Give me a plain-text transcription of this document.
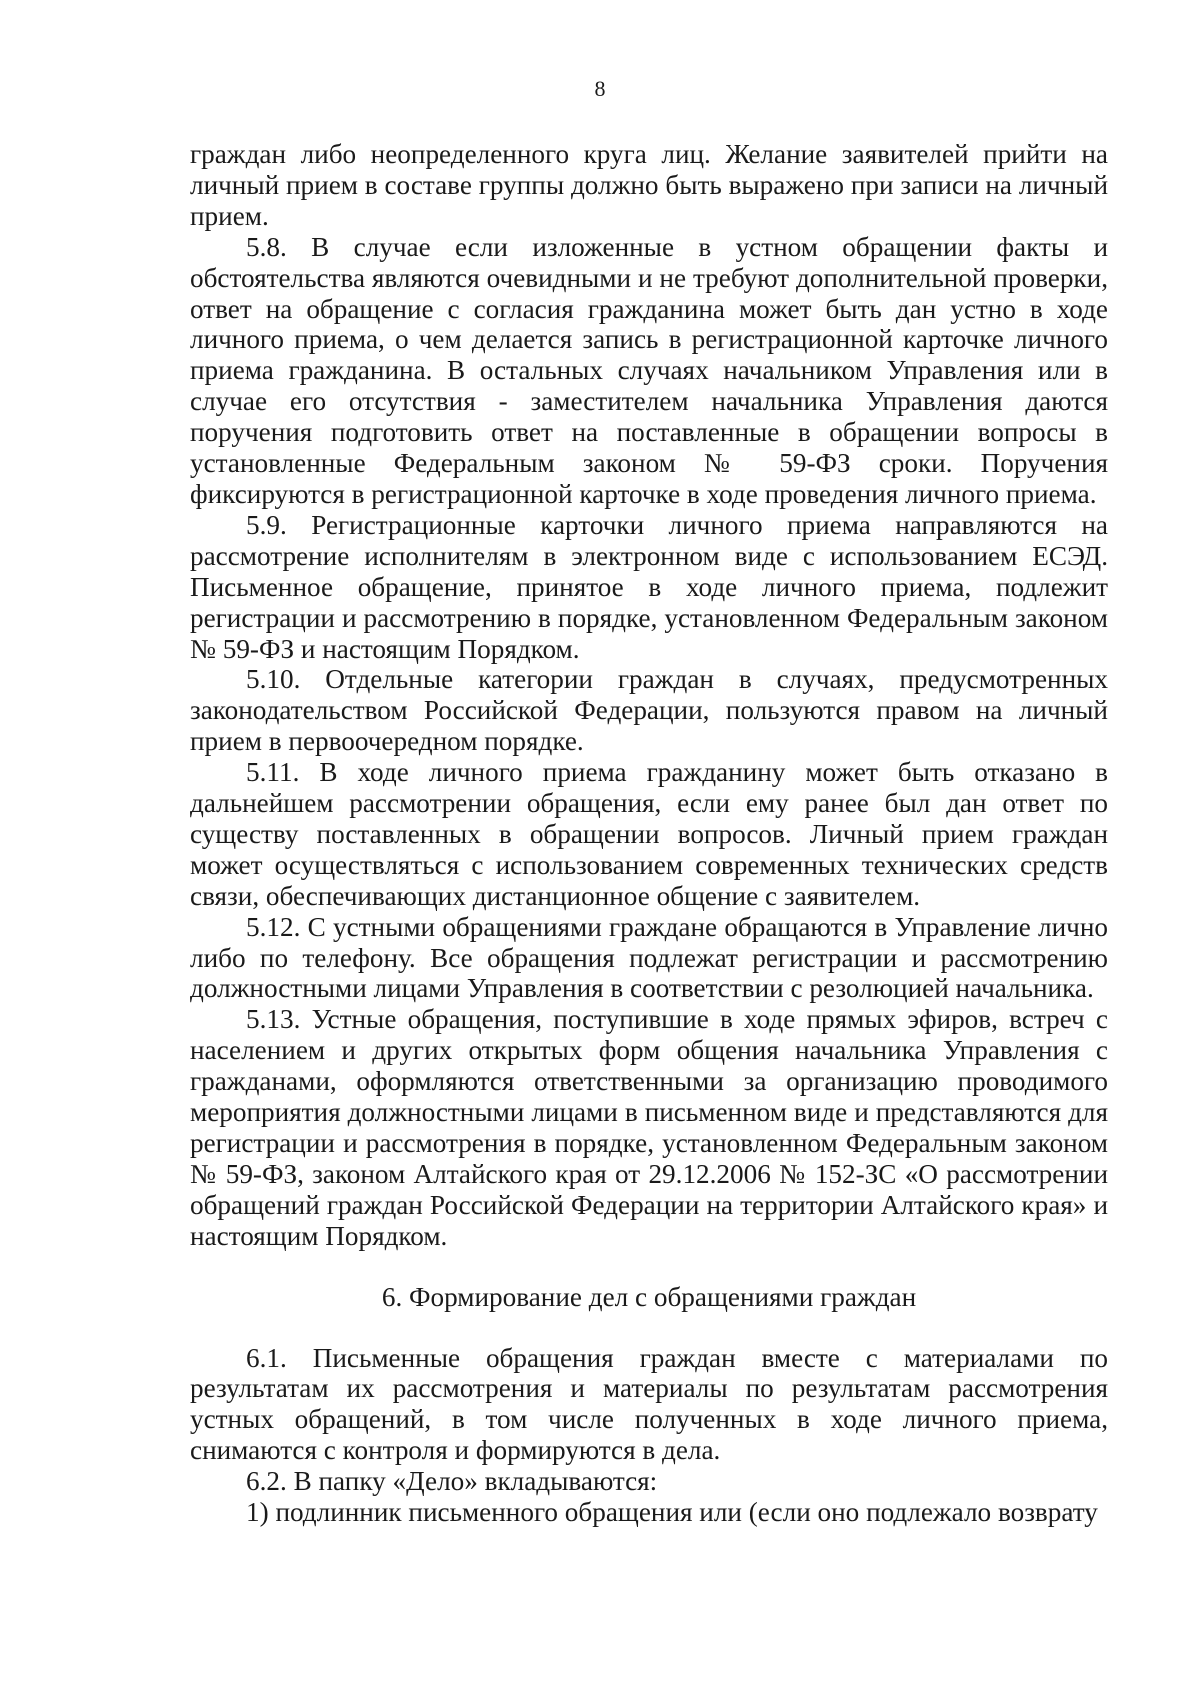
8

граждан либо неопределенного круга лиц. Желание заявителей прийти на личный прием в составе группы должно быть выражено при записи на личный прием.

5.8. В случае если изложенные в устном обращении факты и обстоятельства являются очевидными и не требуют дополнительной проверки, ответ на обращение с согласия гражданина может быть дан устно в ходе личного приема, о чем делается запись в регистрационной карточке личного приема гражданина. В остальных случаях начальником Управления или в случае его отсутствия - заместителем начальника Управления даются поручения подготовить ответ на поставленные в обращении вопросы в установленные Федеральным законом № 59-ФЗ сроки. Поручения фиксируются в регистрационной карточке в ходе проведения личного приема.

5.9. Регистрационные карточки личного приема направляются на рассмотрение исполнителям в электронном виде с использованием ЕСЭД. Письменное обращение, принятое в ходе личного приема, подлежит регистрации и рассмотрению в порядке, установленном Федеральным законом № 59-ФЗ и настоящим Порядком.

5.10. Отдельные категории граждан в случаях, предусмотренных законодательством Российской Федерации, пользуются правом на личный прием в первоочередном порядке.

5.11. В ходе личного приема гражданину может быть отказано в дальнейшем рассмотрении обращения, если ему ранее был дан ответ по существу поставленных в обращении вопросов. Личный прием граждан может осуществляться с использованием современных технических средств связи, обеспечивающих дистанционное общение с заявителем.

5.12. С устными обращениями граждане обращаются в Управление лично либо по телефону. Все обращения подлежат регистрации и рассмотрению должностными лицами Управления в соответствии с резолюцией начальника.

5.13. Устные обращения, поступившие в ходе прямых эфиров, встреч с населением и других открытых форм общения начальника Управления с гражданами, оформляются ответственными за организацию проводимого мероприятия должностными лицами в письменном виде и представляются для регистрации и рассмотрения в порядке, установленном Федеральным законом № 59-ФЗ, законом Алтайского края от 29.12.2006 № 152-ЗС «О рассмотрении обращений граждан Российской Федерации на территории Алтайского края» и настоящим Порядком.

6. Формирование дел с обращениями граждан

6.1. Письменные обращения граждан вместе с материалами по результатам их рассмотрения и материалы по результатам рассмотрения устных обращений, в том числе полученных в ходе личного приема, снимаются с контроля и формируются в дела.

6.2. В папку «Дело» вкладываются:

1) подлинник письменного обращения или (если оно подлежало возврату
